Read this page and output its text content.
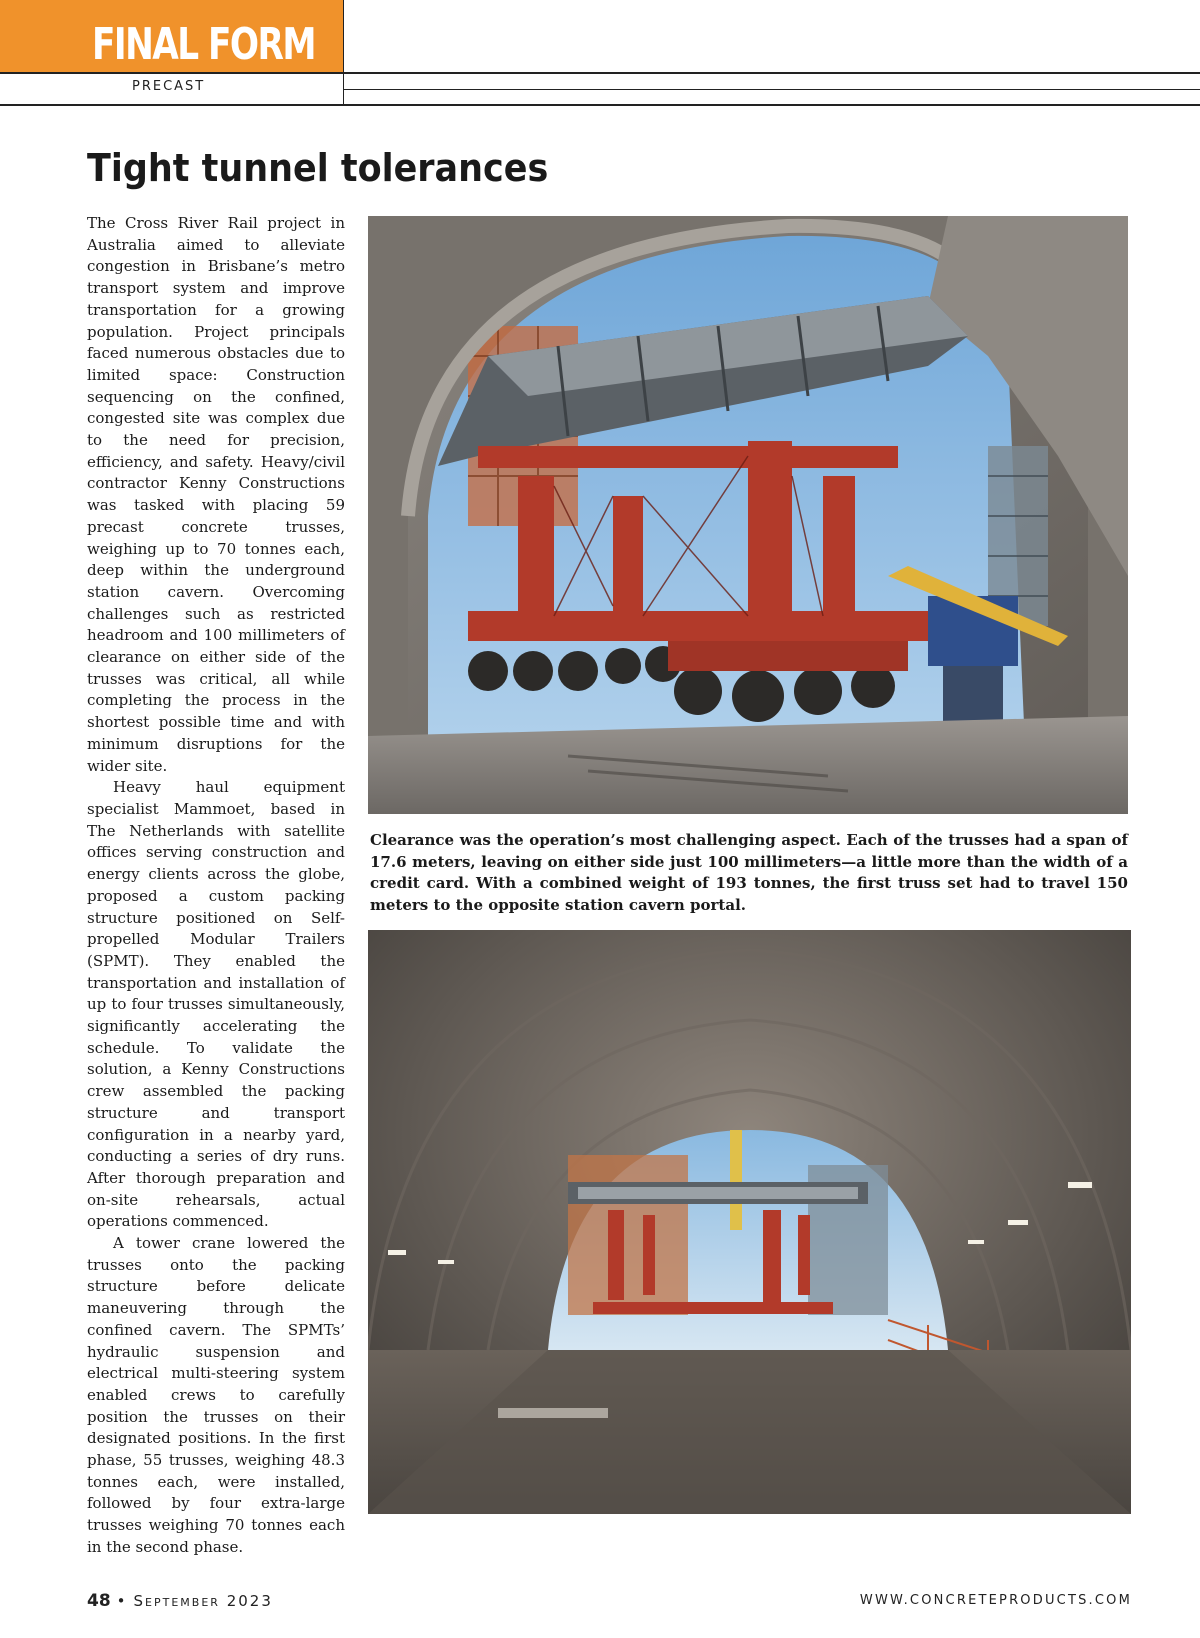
FINAL FORM
PRECAST
Tight tunnel tolerances

The Cross River Rail project in Australia aimed to alleviate congestion in Brisbane’s metro transport system and improve transportation for a growing population. Project principals faced numerous obstacles due to limited space: Construction sequencing on the confined, congested site was complex due to the need for precision, efficiency, and safety. Heavy/civil contractor Kenny Constructions was tasked with placing 59 precast concrete trusses, weighing up to 70 tonnes each, deep within the underground station cavern. Overcoming challenges such as restricted headroom and 100 millimeters of clearance on either side of the trusses was critical, all while completing the process in the shortest possible time and with minimum disruptions for the wider site.

Heavy haul equipment specialist Mammoet, based in The Netherlands with satellite offices serving construction and energy clients across the globe, proposed a custom packing structure positioned on Self-propelled Modular Trailers (SPMT). They enabled the transportation and installation of up to four trusses simultaneously, significantly accelerating the schedule. To validate the solution, a Kenny Constructions crew assembled the packing structure and transport configuration in a nearby yard, conducting a series of dry runs. After thorough preparation and on-site rehearsals, actual operations commenced.

A tower crane lowered the trusses onto the packing structure before delicate maneuvering through the confined cavern. The SPMTs’ hydraulic suspension and electrical multi-steering system enabled crews to carefully position the trusses on their designated positions. In the first phase, 55 trusses, weighing 48.3 tonnes each, were installed, followed by four extra-large trusses weighing 70 tonnes each in the second phase.

Clearance was the operation’s most challenging aspect. Each of the trusses had a span of 17.6 meters, leaving on either side just 100 millimeters—a little more than the width of a credit card. With a combined weight of 193 tonnes, the first truss set had to travel 150 meters to the opposite station cavern portal.
48 • September 2023	WWW.CONCRETEPRODUCTS.COM
